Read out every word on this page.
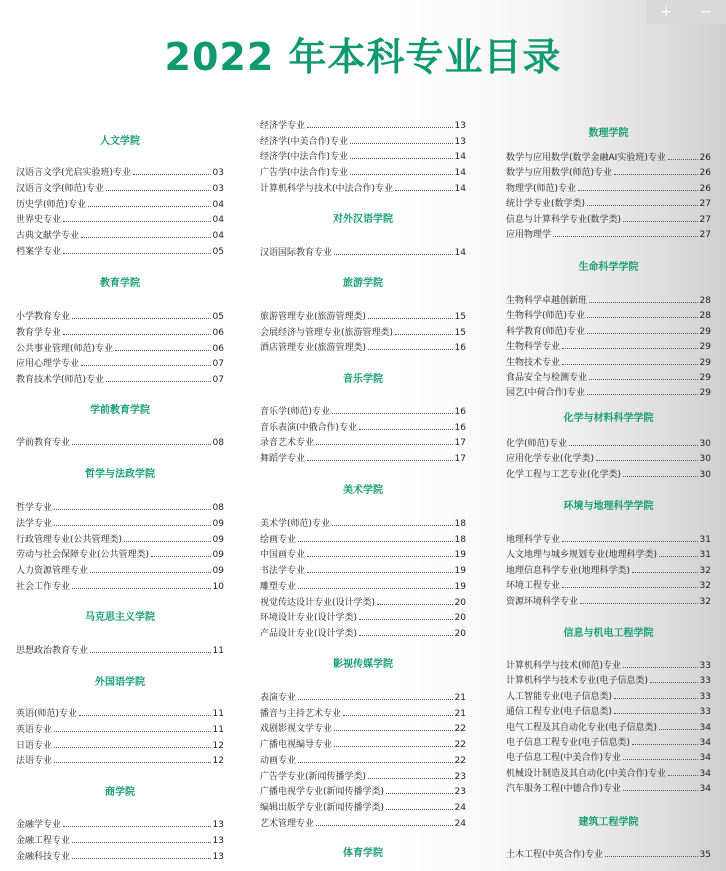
+ −
2022 年本科专业目录
人文学院
汉语言文学(光启实验班)专业	03
汉语言文学(师范)专业	03
历史学(师范)专业	04
世界史专业	04
古典文献学专业	04
档案学专业	05
教育学院
小学教育专业	05
教育学专业	06
公共事业管理(师范)专业	06
应用心理学专业	07
教育技术学(师范)专业	07
学前教育学院
学前教育专业	08
哲学与法政学院
哲学专业	08
法学专业	09
行政管理专业(公共管理类)	09
劳动与社会保障专业(公共管理类)	09
人力资源管理专业	09
社会工作专业	10
马克思主义学院
思想政治教育专业	11
外国语学院
英语(师范)专业	11
英语专业	11
日语专业	12
法语专业	12
商学院
金融学专业	13
金融工程专业	13
金融科技专业	13
经济学专业	13
经济学(中美合作)专业	13
经济学(中法合作)专业	14
广告学(中法合作)专业	14
计算机科学与技术(中法合作)专业	14
对外汉语学院
汉语国际教育专业	14
旅游学院
旅游管理专业(旅游管理类)	15
会展经济与管理专业(旅游管理类)	15
酒店管理专业(旅游管理类)	16
音乐学院
音乐学(师范)专业	16
音乐表演(中俄合作)专业	16
录音艺术专业	17
舞蹈学专业	17
美术学院
美术学(师范)专业	18
绘画专业	18
中国画专业	19
书法学专业	19
雕塑专业	19
视觉传达设计专业(设计学类)	20
环境设计专业(设计学类)	20
产品设计专业(设计学类)	20
影视传媒学院
表演专业	21
播音与主持艺术专业	21
戏剧影视文学专业	22
广播电视编导专业	22
动画专业	22
广告学专业(新闻传播学类)	23
广播电视学专业(新闻传播学类)	23
编辑出版学专业(新闻传播学类)	24
艺术管理专业	24
体育学院
数理学院
数学与应用数学(数学金融AI实验班)专业	26
数学与应用数学(师范)专业	26
物理学(师范)专业	26
统计学专业(数学类)	27
信息与计算科学专业(数学类)	27
应用物理学	27
生命科学学院
生物科学卓越创新班	28
生物科学(师范)专业	28
科学教育(师范)专业	29
生物科学专业	29
生物技术专业	29
食品安全与检测专业	29
园艺(中荷合作)专业	29
化学与材料科学学院
化学(师范)专业	30
应用化学专业(化学类)	30
化学工程与工艺专业(化学类)	30
环境与地理科学学院
地理科学专业	31
人文地理与城乡规划专业(地理科学类)	31
地理信息科学专业(地理科学类)	32
环境工程专业	32
资源环境科学专业	32
信息与机电工程学院
计算机科学与技术(师范)专业	33
计算机科学与技术专业(电子信息类)	33
人工智能专业(电子信息类)	33
通信工程专业(电子信息类)	33
电气工程及其自动化专业(电子信息类)	34
电子信息工程专业(电子信息类)	34
电子信息工程(中美合作)专业	34
机械设计制造及其自动化(中美合作)专业	34
汽车服务工程(中德合作)专业	34
建筑工程学院
土木工程(中英合作)专业	35
